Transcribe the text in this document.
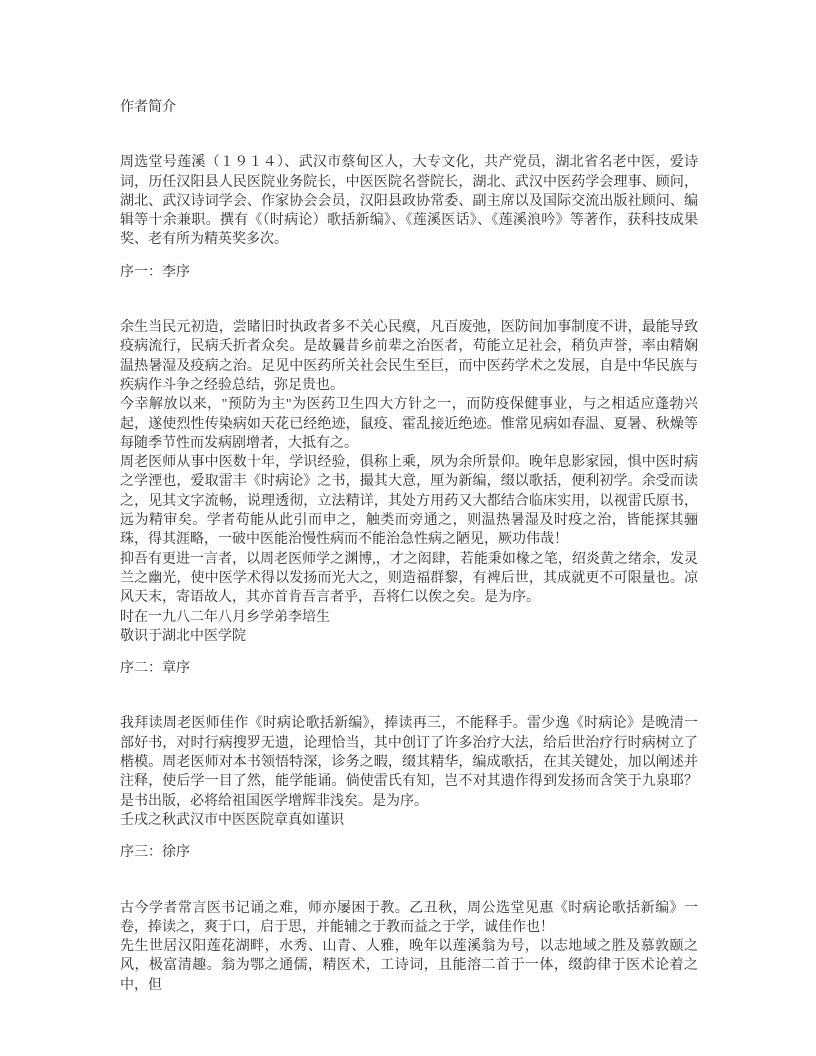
作者简介

周选堂号莲溪（１９１４）、武汉市蔡甸区人，大专文化，共产党员，湖北省名老中医，爱诗词，历任汉阳县人民医院业务院长，中医医院名誉院长，湖北、武汉中医药学会理事、顾问，湖北、武汉诗词学会、作家协会会员，汉阳县政协常委、副主席以及国际交流出版社顾问、编辑等十余兼职。撰有《（时病论）歌括新编》、《莲溪医话》、《莲溪浪吟》等著作，获科技成果奖、老有所为精英奖多次。

序一：李序

余生当民元初造，尝睹旧时执政者多不关心民瘼，凡百废弛，医防间加事制度不讲，最能导致疫病流行，民病夭折者众矣。是故曩昔乡前辈之治医者，苟能立足社会，稍负声誉，率由精娴温热暑湿及疫病之治。足见中医药所关社会民生至巨，而中医药学术之发展，自是中华民族与疾病作斗争之经验总结，弥足贵也。

今幸解放以来，"预防为主"为医药卫生四大方针之一，而防疫保健事业，与之相适应蓬勃兴起，遂使烈性传染病如天花已经绝迹，鼠疫、霍乱接近绝迹。惟常见病如春温、夏暑、秋燥等每随季节性而发病剧增者，大抵有之。

周老医师从事中医数十年，学识经验，俱称上乘，夙为余所景仰。晚年息影家园，惧中医时病之学湮也，爱取雷丰《时病论》之书，撮其大意，厘为新编，缀以歌括，便利初学。余受而读之，见其文字流畅，说理透彻，立法精详，其处方用药又大都结合临床实用，以视雷氏原书，远为精审矣。学者苟能从此引而申之，触类而旁通之，则温热暑湿及时疫之治，皆能探其骊珠，得其涯略，一破中医能治慢性病而不能治急性病之陋见，厥功伟哉！

抑吾有更进一言者，以周老医师学之渊博,，才之闳肆，若能秉如椽之笔，绍炎黄之绪余，发灵兰之幽光，使中医学术得以发扬而光大之，则造福群黎，有裨后世，其成就更不可限量也。凉风天末，寄语故人，其亦首肯吾言者乎，吾将仁以俟之矣。是为序。

时在一九八二年八月乡学弟李培生

敬识于湖北中医学院

序二：章序

我拜读周老医师佳作《时病论歌括新编》，捧读再三，不能释手。雷少逸《时病论》是晚清一部好书，对时行病搜罗无遗，论理恰当，其中创订了许多治疗大法，给后世治疗行时病树立了楷模。周老医师对本书领悟特深，诊务之暇，缀其精华，编成歌括，在其关键处，加以阐述并注释，使后学一目了然，能学能诵。倘使雷氏有知，岂不对其遗作得到发扬而含笑于九泉耶？是书出版，必将给祖国医学增辉非浅矣。是为序。

壬戌之秋武汉市中医医院章真如谨识

序三：徐序

古今学者常言医书记诵之难，师亦屡困于教。乙丑秋，周公选堂见惠《时病论歌括新编》一卷，捧读之，爽于口，启于思，并能辅之于教而益之于学，诚佳作也！

先生世居汉阳莲花湖畔，水秀、山青、人雅，晚年以莲溪翁为号，以志地域之胜及慕敦颐之风，极富清趣。翁为鄂之通儒，精医术，工诗词，且能溶二首于一体，缀韵律于医术论着之中，但
